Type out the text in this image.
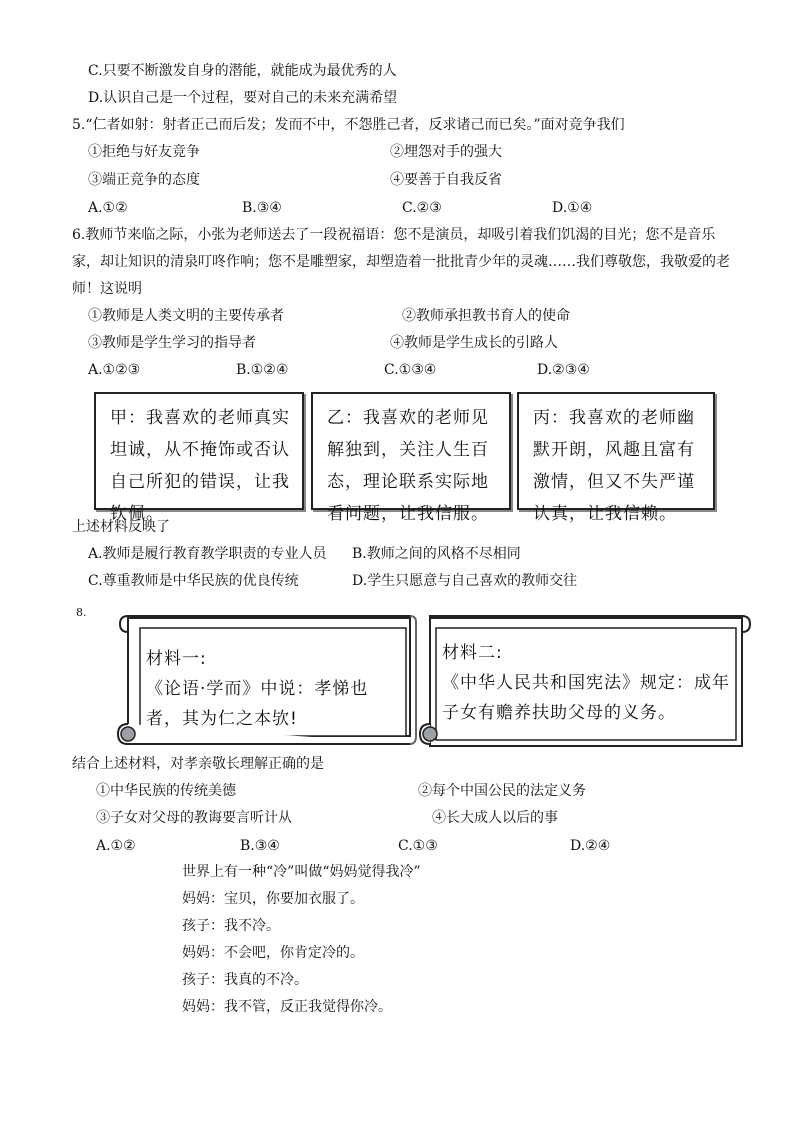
C.只要不断激发自身的潜能，就能成为最优秀的人
D.认识自己是一个过程，要对自己的未来充满希望
5.“仁者如射：射者正己而后发；发而不中，不怨胜己者，反求诸己而已矣。”面对竞争我们
①拒绝与好友竞争	②埋怨对手的强大
③端正竞争的态度	④要善于自我反省
A.①②	B.③④	C.②③	D.①④
6.教师节来临之际，小张为老师送去了一段祝福语：您不是演员，却吸引着我们饥渴的目光；您不是音乐
家，却让知识的清泉叮咚作响；您不是雕塑家，却塑造着一批批青少年的灵魂……我们尊敬您，我敬爱的老
师！这说明
①教师是人类文明的主要传承者	②教师承担教书育人的使命
③教师是学生学习的指导者	④教师是学生成长的引路人
A.①②③	B.①②④	C.①③④	D.②③④
甲：我喜欢的老师真实坦诚，从不掩饰或否认自己所犯的错误，让我钦佩。
乙：我喜欢的老师见解独到，关注人生百态，理论联系实际地看问题，让我信服。
丙：我喜欢的老师幽默开朗，风趣且富有激情，但又不失严谨认真，让我信赖。
上述材料反映了
A.教师是履行教育教学职责的专业人员 B.教师之间的风格不尽相同
C.尊重教师是中华民族的优良传统	D.学生只愿意与自己喜欢的教师交往
8.
材料一:
《论语·学而》中说：孝悌也者，其为仁之本欤!
材料二:
《中华人民共和国宪法》规定：成年子女有赡养扶助父母的义务。
结合上述材料，对孝亲敬长理解正确的是
①中华民族的传统美德	②每个中国公民的法定义务
③子女对父母的教诲要言听计从	④长大成人以后的事
A.①②	B.③④	C.①③	D.②④
世界上有一种“冷”叫做“妈妈觉得我冷”
妈妈：宝贝，你要加衣服了。
孩子：我不冷。
妈妈：不会吧，你肯定冷的。
孩子：我真的不冷。
妈妈：我不管，反正我觉得你冷。
